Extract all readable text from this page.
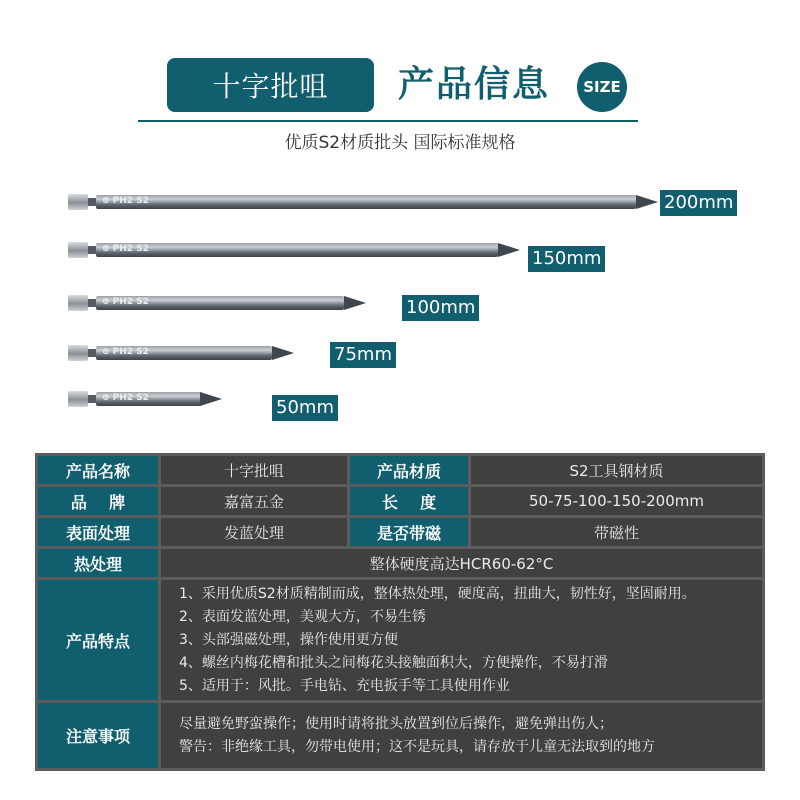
十字批咀 产品信息 SIZE
优质S2材质批头 国际标准规格
⊕ PH2 S2	200mm
⊕ PH2 S2	150mm
⊕ PH2 S2	100mm
⊕ PH2 S2	75mm
⊕ PH2 S2	50mm
产品名称	十字批咀	产品材质	S2工具钢材质
品    牌	嘉富五金	长    度	50-75-100-150-200mm
表面处理	发蓝处理	是否带磁	带磁性
热处理	整体硬度高达HCR60-62°C
产品特点
1、采用优质S2材质精制而成，整体热处理，硬度高，扭曲大，韧性好，坚固耐用。
2、表面发蓝处理，美观大方，不易生锈
3、头部强磁处理，操作使用更方便
4、螺丝内梅花槽和批头之间梅花头接触面积大，方便操作，不易打滑
5、适用于：风批。手电钻、充电扳手等工具使用作业
注意事项
尽量避免野蛮操作；使用时请将批头放置到位后操作，避免弹出伤人；
警告：非绝缘工具，勿带电使用；这不是玩具，请存放于儿童无法取到的地方
